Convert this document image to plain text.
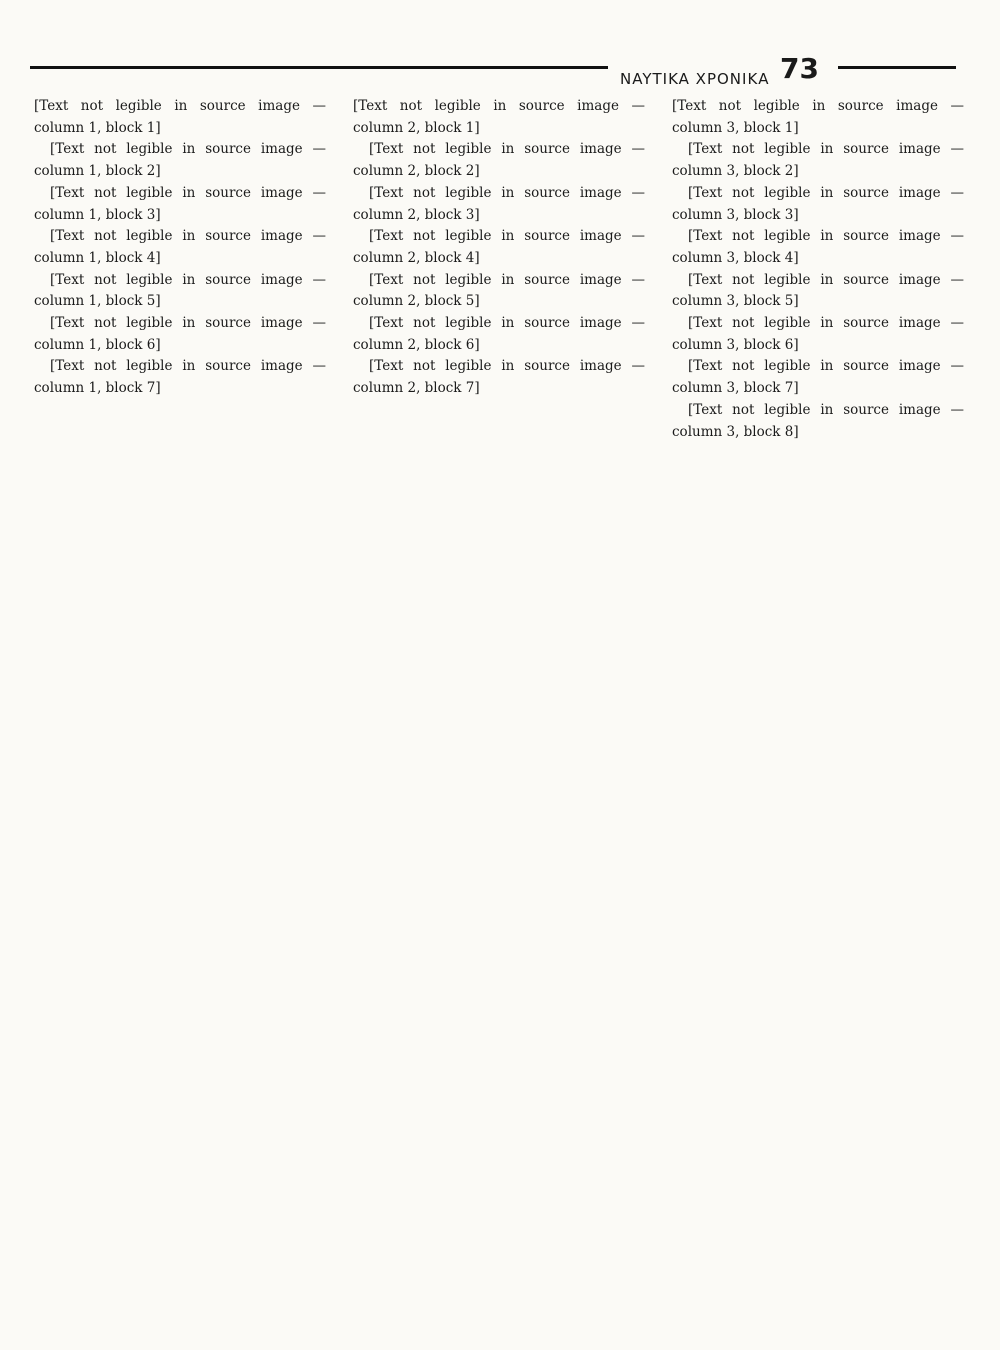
NAYTIKA ΧΡΟΝΙΚΑ 73

[Text not legible in source image — column 1, block 1]

[Text not legible in source image — column 1, block 2]

[Text not legible in source image — column 1, block 3]

[Text not legible in source image — column 1, block 4]

[Text not legible in source image — column 1, block 5]

[Text not legible in source image — column 1, block 6]

[Text not legible in source image — column 1, block 7]

[Text not legible in source image — column 2, block 1]

[Text not legible in source image — column 2, block 2]

[Text not legible in source image — column 2, block 3]

[Text not legible in source image — column 2, block 4]

[Text not legible in source image — column 2, block 5]

[Text not legible in source image — column 2, block 6]

[Text not legible in source image — column 2, block 7]

[Text not legible in source image — column 3, block 1]

[Text not legible in source image — column 3, block 2]

[Text not legible in source image — column 3, block 3]

[Text not legible in source image — column 3, block 4]

[Text not legible in source image — column 3, block 5]

[Text not legible in source image — column 3, block 6]

[Text not legible in source image — column 3, block 7]

[Text not legible in source image — column 3, block 8]
